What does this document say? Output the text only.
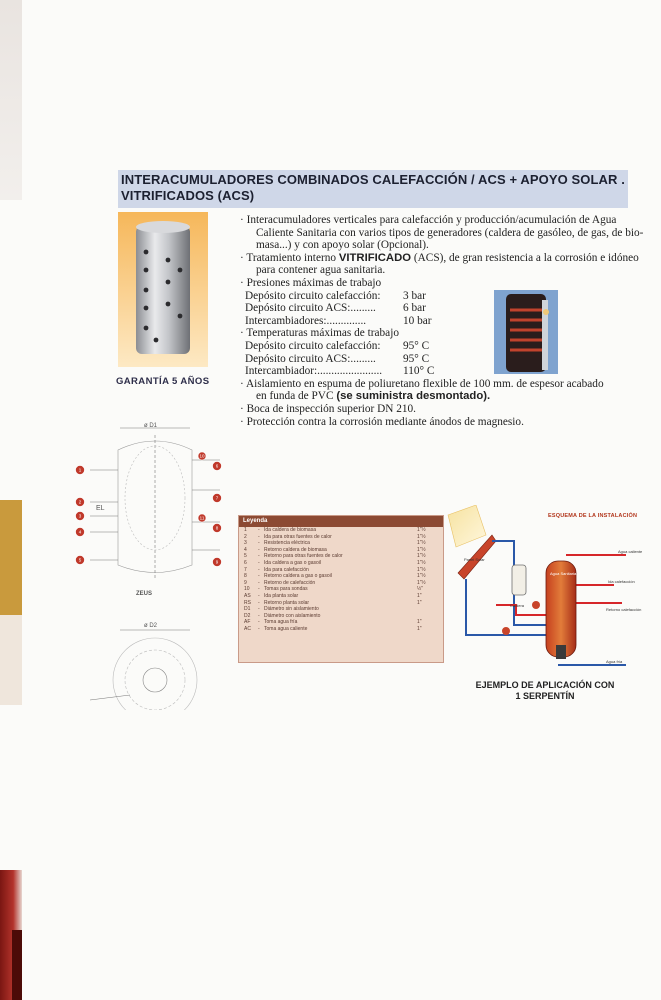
INTERACUMULADORES COMBINADOS CALEFACCIÓN / ACS + APOYO SOLAR .
VITRIFICADOS (ACS)
GARANTÍA 5 AÑOS
· Interacumuladores verticales para calefacción y producción/acumulación de Agua
Caliente Sanitaria con varios tipos de generadores (caldera de gasóleo, de gas, de bio-
masa...) y con apoyo solar (Opcional).
· Tratamiento interno VITRIFICADO (ACS), de gran resistencia a la corrosión e idóneo
para contener agua sanitaria.
· Presiones máximas de trabajo
Depósito circuito calefacción:	3 bar
Depósito circuito ACS:.........	6 bar
Intercambiadores:..............	10 bar
· Temperaturas máximas de trabajo
Depósito circuito calefacción:	95° C
Depósito circuito ACS:.........	95° C
Intercambiador:.......................	110° C
· Aislamiento en espuma de poliuretano flexible de 100 mm. de espesor acabado
en funda de PVC (se suministra desmontado).
· Boca de inspección superior DN 210.
· Protección contra la corrosión mediante ánodos de magnesio.
ø D1
ø D2
EL
ZEUS
1
2
3
4
5
6
7
8
9
10
11
Leyenda
1	- Ida caldera de biomasa	1"½
2	- Ida para otras fuentes de calor	1"½
3	- Resistencia eléctrica	1"½
4	- Retorno caldera de biomasa	1"½
5	- Retorno para otras fuentes de calor	1"½
6	- Ida caldera a gas o gasoil	1"½
7	- Ida para calefacción	1"½
8	- Retorno caldera a gas o gasoil	1"½
9	- Retorno de calefacción	1"½
10	- Tomas para sondas	½"
AS	- Ida planta solar	1"
RS	- Retorno planta solar	1"
D1	- Diámetro sin aislamiento
D2	- Diámetro con aislamiento
AF	- Toma agua fría	1"
AC	- Toma agua caliente	1"
Agua caliente
Ida calefacción
Retorno calefacción
Agua fría
Caldera
Panel Solar
Agua Sanitaria
ESQUEMA DE LA INSTALACIÓN
EJEMPLO DE APLICACIÓN CON
1 SERPENTÍN
